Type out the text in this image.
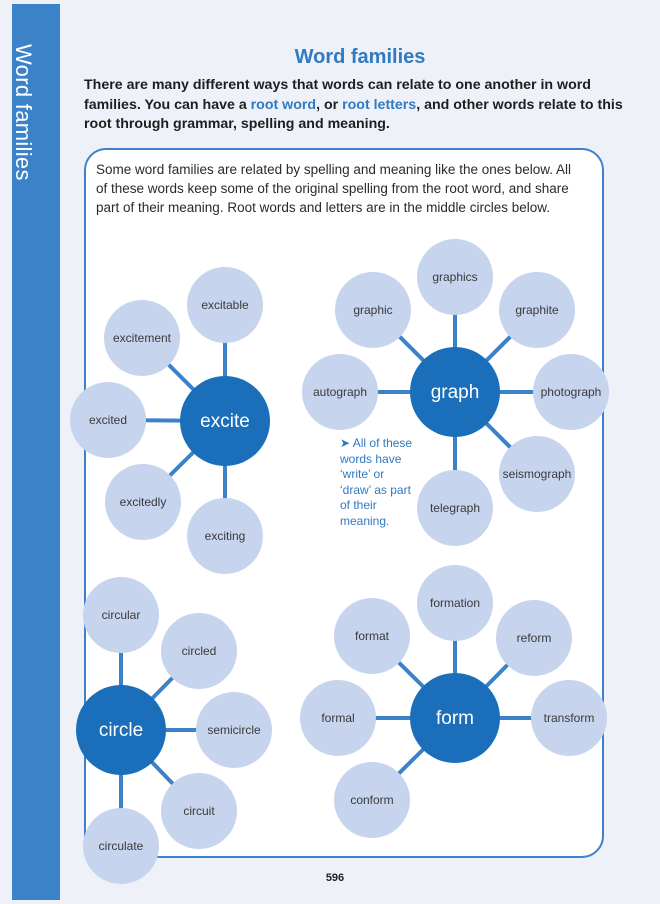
Word families	Word families
There are many different ways that words can relate to one another in word families. You can have a root word, or root letters, and other words relate to this root through grammar, spelling and meaning.
Some word families are related by spelling and meaning like the ones below. All of these words keep some of the original spelling from the root word, and share part of their meaning. Root words and letters are in the middle circles below.
excitable
excitement
excited
excitedly
exciting
excite
graphics
graphic	graphite
autograph	photograph
seismograph
telegraph
graph
circular
circled
semicircle
circuit
circulate
circle
formation
format	reform
formal	transform
conform
form
➤ All of these words have ‘write’ or ‘draw’ as part of their meaning.
596
